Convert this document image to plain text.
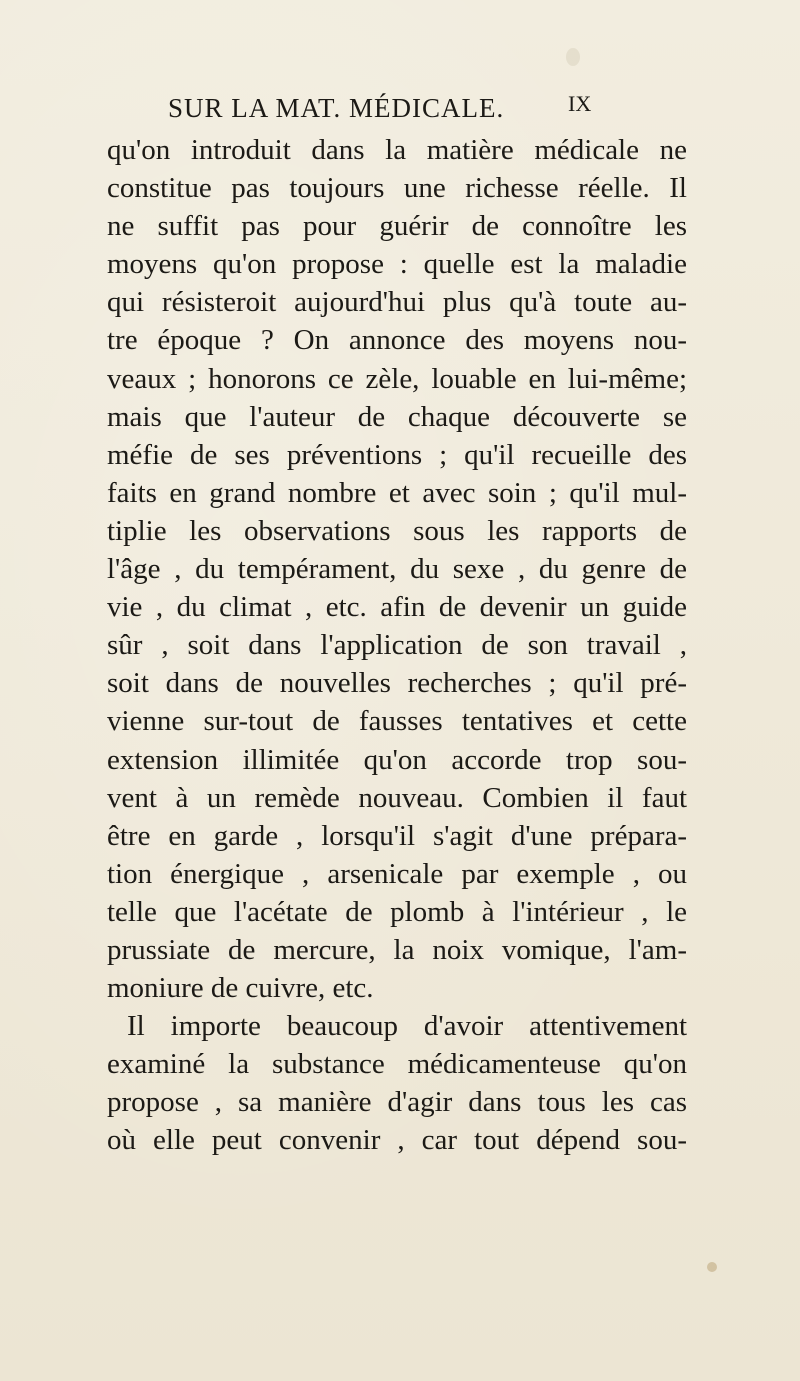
SUR LA MAT. MÉDICALE.	IX
qu'on introduit dans la matière médicale ne
constitue pas toujours une richesse réelle. Il
ne suffit pas pour guérir de connoître les
moyens qu'on propose : quelle est la maladie
qui résisteroit aujourd'hui plus qu'à toute au-
tre époque ? On annonce des moyens nou-
veaux ; honorons ce zèle, louable en lui-même;
mais que l'auteur de chaque découverte se
méfie de ses préventions ; qu'il recueille des
faits en grand nombre et avec soin ; qu'il mul-
tiplie les observations sous les rapports de
l'âge , du tempérament, du sexe , du genre de
vie , du climat , etc. afin de devenir un guide
sûr , soit dans l'application de son travail ,
soit dans de nouvelles recherches ; qu'il pré-
vienne sur-tout de fausses tentatives et cette
extension illimitée qu'on accorde trop sou-
vent à un remède nouveau. Combien il faut
être en garde , lorsqu'il s'agit d'une prépara-
tion énergique , arsenicale par exemple , ou
telle que l'acétate de plomb à l'intérieur , le
prussiate de mercure, la noix vomique, l'am-
moniure de cuivre, etc.
Il importe beaucoup d'avoir attentivement
examiné la substance médicamenteuse qu'on
propose , sa manière d'agir dans tous les cas
où elle peut convenir , car tout dépend sou-
